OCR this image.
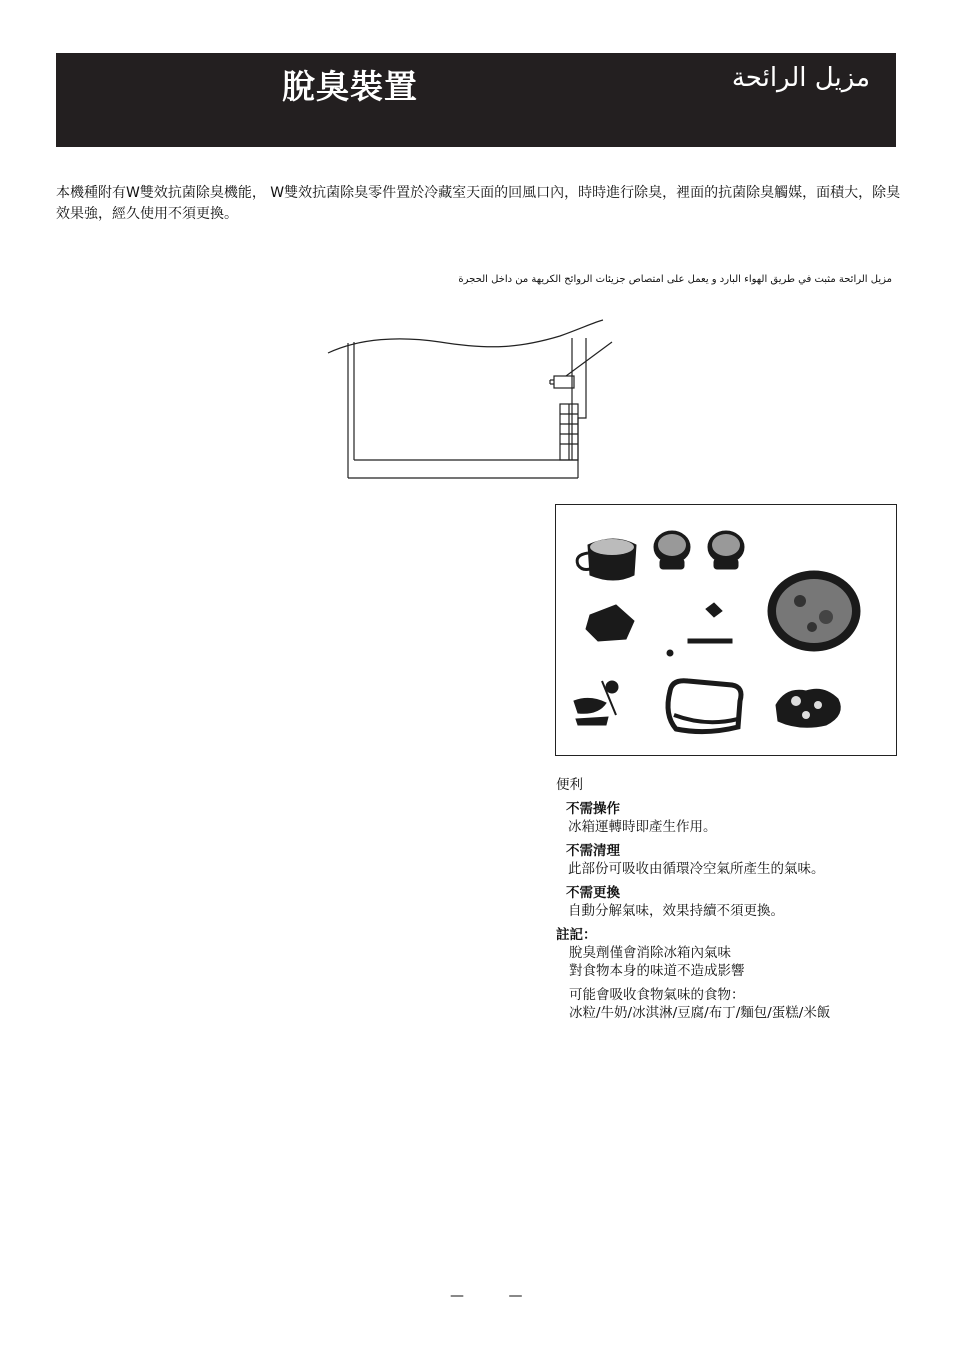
脫臭裝置	مزيل الرائحة

本機種附有W雙效抗菌除臭機能， W雙效抗菌除臭零件置於冷藏室天面的回風口內，時時進行除臭，裡面的抗菌除臭觸媒，面積大，除臭效果強，經久使用不須更換。

مزيل الرائحة مثبت في طريق الهواء البارد و يعمل على امتصاص جزيئات الروائح الكريهة من داخل الحجرة
便利
不需操作
冰箱運轉時即產生作用。
不需清理
此部份可吸收由循環冷空氣所產生的氣味。
不需更換
自動分解氣味，效果持續不須更換。
註記：
脫臭劑僅會消除冰箱內氣味
對食物本身的味道不造成影響
可能會吸收食物氣味的食物：
冰粒/牛奶/冰淇淋/豆腐/布丁/麵包/蛋糕/米飯
— —
